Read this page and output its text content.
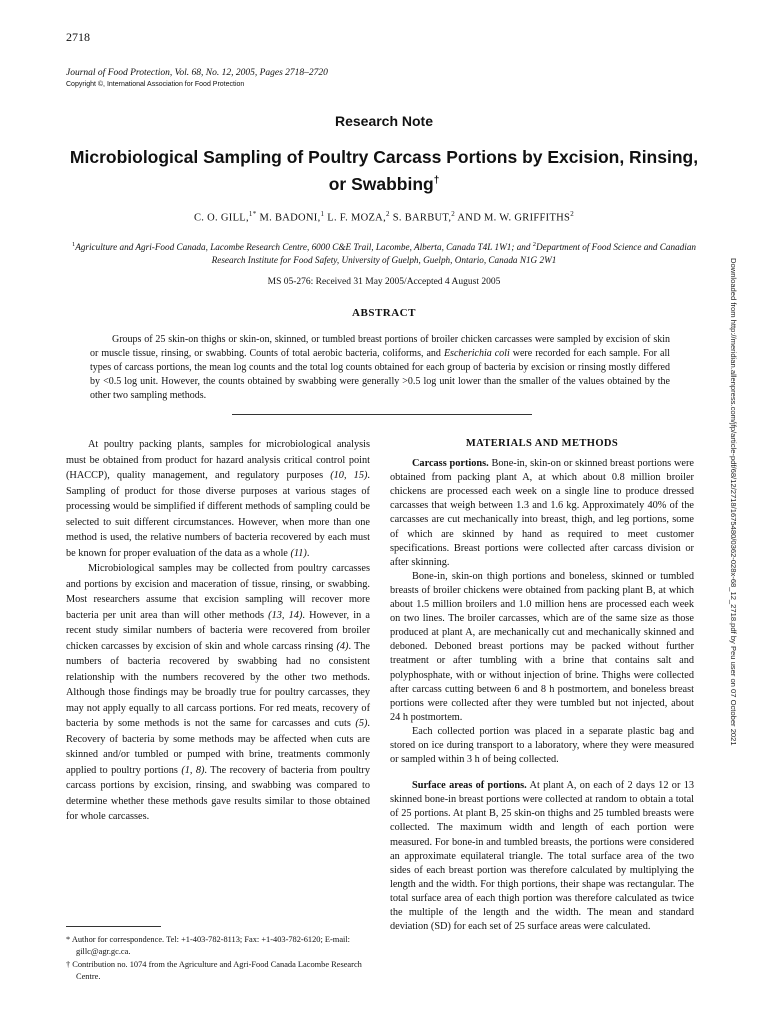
2718
Journal of Food Protection, Vol. 68, No. 12, 2005, Pages 2718–2720
Copyright ©, International Association for Food Protection
Research Note
Microbiological Sampling of Poultry Carcass Portions by Excision, Rinsing, or Swabbing†
C. O. GILL,$^{1*}$ M. BADONI,$^1$ L. F. MOZA,$^2$ S. BARBUT,$^2$ AND M. W. GRIFFITHS$^2$
$^1$Agriculture and Agri-Food Canada, Lacombe Research Centre, 6000 C&E Trail, Lacombe, Alberta, Canada T4L 1W1; and $^2$Department of Food Science and Canadian Research Institute for Food Safety, University of Guelph, Guelph, Ontario, Canada N1G 2W1
MS 05-276: Received 31 May 2005/Accepted 4 August 2005
ABSTRACT
Groups of 25 skin-on thighs or skin-on, skinned, or tumbled breast portions of broiler chicken carcasses were sampled by excision of skin or muscle tissue, rinsing, or swabbing. Counts of total aerobic bacteria, coliforms, and Escherichia coli were recorded for each sample. For all types of carcass portions, the mean log counts and the total log counts obtained for each group of bacteria by excision or rinsing mostly differed by <0.5 log unit. However, the counts obtained by swabbing were generally >0.5 log unit lower than the smaller of the values obtained by the other two sampling methods.

At poultry packing plants, samples for microbiological analysis must be obtained from product for hazard analysis critical control point (HACCP), quality management, and regulatory purposes (10, 15). Sampling of product for those diverse purposes at various stages of processing would be simplified if different methods of sampling could be selected to suit different circumstances. However, when more than one method is used, the relative numbers of bacteria recovered by each must be known for proper evaluation of the data as a whole (11).

Microbiological samples may be collected from poultry carcasses and portions by excision and maceration of tissue, rinsing, or swabbing. Most researchers assume that excision sampling will recover more bacteria per unit area than will other methods (13, 14). However, in a recent study similar numbers of bacteria were recovered from broiler chicken carcasses by excision of skin and whole carcass rinsing (4). The numbers of bacteria recovered by swabbing had no consistent relationship with the numbers recovered by the other two methods. Although those findings may be broadly true for poultry carcasses, they may not apply equally to all carcass portions. For red meats, recovery of bacteria by some methods is not the same for carcasses and cuts (5). Recovery of bacteria by some methods may be affected when cuts are skinned and/or tumbled or pumped with brine, treatments commonly applied to poultry portions (1, 8). The recovery of bacteria from poultry carcass portions by excision, rinsing, and swabbing was compared to determine whether these methods gave results similar to those obtained for whole carcasses.

* Author for correspondence. Tel: +1-403-782-8113; Fax: +1-403-782-6120; E-mail: gillc@agr.gc.ca.

† Contribution no. 1074 from the Agriculture and Agri-Food Canada Lacombe Research Centre.

MATERIALS AND METHODS

Carcass portions. Bone-in, skin-on or skinned breast portions were obtained from packing plant A, at which about 0.8 million broiler chickens are processed each week on a single line to produce dressed carcasses that weigh between 1.3 and 1.6 kg. Approximately 40% of the carcasses are cut mechanically into breast, thigh, and leg portions, some of which are skinned by hand as required to meet customer specifications. Breast portions were collected after carcass division or after skinning.

Bone-in, skin-on thigh portions and boneless, skinned or tumbled breasts of broiler chickens were obtained from packing plant B, at which about 1.5 million broilers and 1.0 million hens are processed each week on two lines. The broiler carcasses, which are of the same size as those produced at plant A, are mechanically cut and mechanically skinned and deboned. Deboned breast portions may be packed without further treatment or after tumbling with a brine that contains salt and polyphosphate, with or without injection of brine. Thighs were collected after carcass cutting between 6 and 8 h postmortem, and boneless breast portions were collected after they were tumbled but not injected, about 24 h postmortem.

Each collected portion was placed in a separate plastic bag and stored on ice during transport to a laboratory, where they were measured or sampled within 3 h of being collected.

Surface areas of portions. At plant A, on each of 2 days 12 or 13 skinned bone-in breast portions were collected at random to obtain a total of 25 portions. At plant B, 25 skin-on thighs and 25 tumbled breasts were collected. The maximum width and length of each portion were measured. For bone-in and tumbled breasts, the portions were considered an approximate equilateral triangle. The total surface area of the two sides of each breast portion was therefore calculated by multiplying the length and the width. For thigh portions, their shape was rectangular. The total surface area of each thigh portion was therefore calculated as twice the multiple of the length and the width. The mean and standard deviation (SD) for each set of 25 surface areas were calculated.

Downloaded from http://meridian.allenpress.com/jfp/article-pdf/68/12/2718/1675480/0362-028x-68_12_2718.pdf by Peu user on 07 October 2021
